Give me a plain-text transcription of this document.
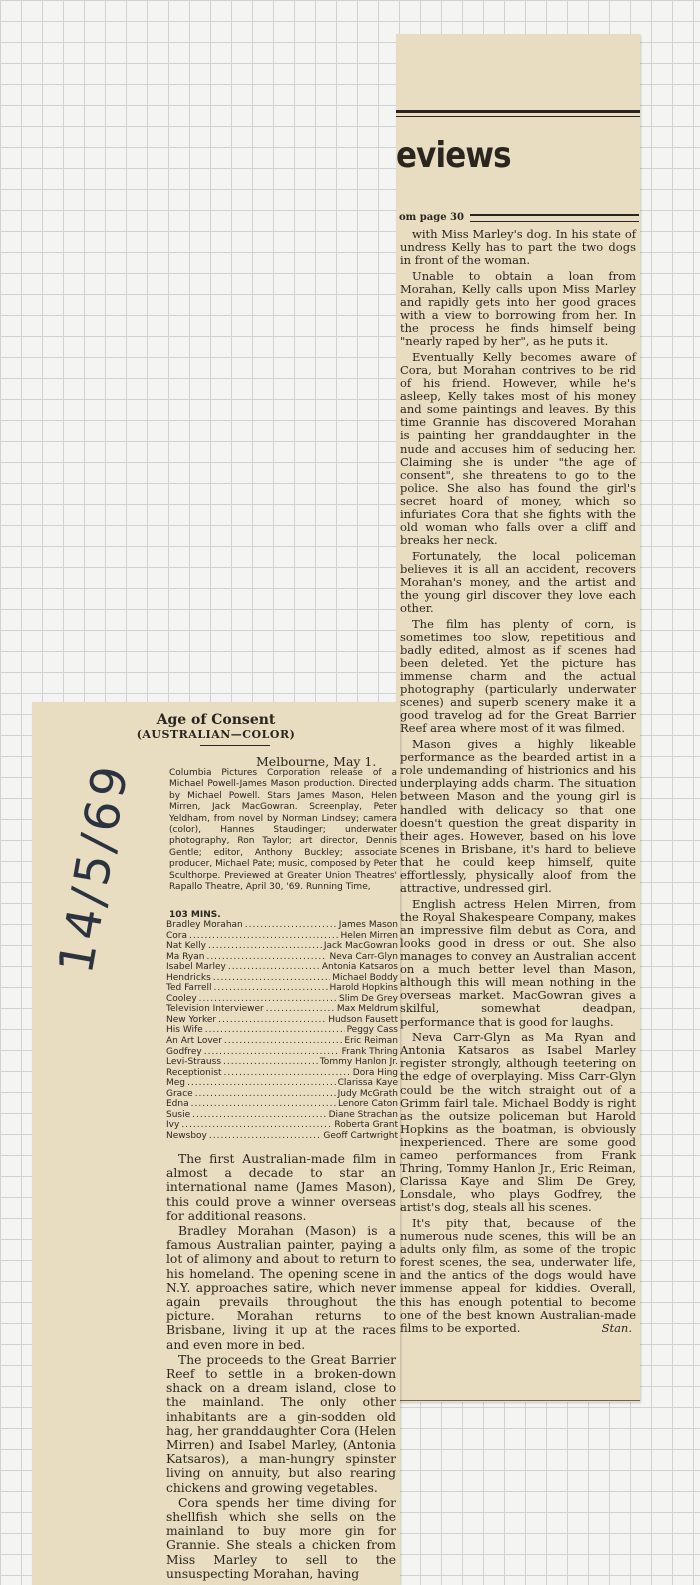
eviews
om page 30

with Miss Marley's dog. In his state of undress Kelly has to part the two dogs in front of the woman.

Unable to obtain a loan from Morahan, Kelly calls upon Miss Marley and rapidly gets into her good graces with a view to borrowing from her. In the process he finds himself being "nearly raped by her", as he puts it.

Eventually Kelly becomes aware of Cora, but Morahan contrives to be rid of his friend. However, while he's asleep, Kelly takes most of his money and some paintings and leaves. By this time Grannie has discovered Morahan is painting her granddaughter in the nude and accuses him of seducing her. Claiming she is under "the age of consent", she threatens to go to the police. She also has found the girl's secret hoard of money, which so infuriates Cora that she fights with the old woman who falls over a cliff and breaks her neck.

Fortunately, the local policeman believes it is all an accident, recovers Morahan's money, and the artist and the young girl discover they love each other.

The film has plenty of corn, is sometimes too slow, repetitious and badly edited, almost as if scenes had been deleted. Yet the picture has immense charm and the actual photography (particularly underwater scenes) and superb scenery make it a good travelog ad for the Great Barrier Reef area where most of it was filmed.

Mason gives a highly likeable performance as the bearded artist in a role undemanding of histrionics and his underplaying adds charm. The situation between Mason and the young girl is handled with delicacy so that one doesn't question the great disparity in their ages. However, based on his love scenes in Brisbane, it's hard to believe that he could keep himself, quite effortlessly, physically aloof from the attractive, undressed girl.

English actress Helen Mirren, from the Royal Shakespeare Company, makes an impressive film debut as Cora, and looks good in dress or out. She also manages to convey an Australian accent on a much better level than Mason, although this will mean nothing in the overseas market. MacGowran gives a skilful, somewhat deadpan, performance that is good for laughs.

Neva Carr-Glyn as Ma Ryan and Antonia Katsaros as Isabel Marley register strongly, although teetering on the edge of overplaying. Miss Carr-Glyn could be the witch straight out of a Grimm fairl tale. Michael Boddy is right as the outsize policeman but Harold Hopkins as the boatman, is obviously inexperienced. There are some good cameo performances from Frank Thring, Tommy Hanlon Jr., Eric Reiman, Clarissa Kaye and Slim De Grey, Lonsdale, who plays Godfrey, the artist's dog, steals all his scenes.

It's pity that, because of the numerous nude scenes, this will be an adults only film, as some of the tropic forest scenes, the sea, underwater life, and the antics of the dogs would have immense appeal for kiddies. Overall, this has enough potential to become one of the best known Australian-made films to be exported.	Stan.

Age of Consent
(AUSTRALIAN—COLOR)
Melbourne, May 1.

Columbia Pictures Corporation release of a Michael Powell-James Mason production. Directed by Michael Powell. Stars James Mason, Helen Mirren, Jack MacGowran. Screenplay, Peter Yeldham, from novel by Norman Lindsey; camera (color), Hannes Staudinger; underwater photography, Ron Taylor; art director, Dennis Gentle; editor, Anthony Buckley; associate producer, Michael Pate; music, composed by Peter Sculthorpe. Previewed at Greater Union Theatres' Rapallo Theatre, April 30, '69. Running Time,

103 MINS.
Bradley Morahan .....	James Mason
Cora .....	Helen Mirren
Nat Kelly .....	Jack MacGowran
Ma Ryan .....	Neva Carr-Glyn
Isabel Marley .....	Antonia Katsaros
Hendricks .....	Michael Boddy
Ted Farrell .....	Harold Hopkins
Cooley .....	Slim De Grey
Television Interviewer .....	Max Meldrum
New Yorker .....	Hudson Fausett
His Wife .....	Peggy Cass
An Art Lover .....	Eric Reiman
Godfrey .....	Frank Thring
Levi-Strauss .....	Tommy Hanlon Jr.
Receptionist .....	Dora Hing
Meg .....	Clarissa Kaye
Grace .....	Judy McGrath
Edna .....	Lenore Caton
Susie .....	Diane Strachan
Ivy .....	Roberta Grant
Newsboy .....	Geoff Cartwright

The first Australian-made film in almost a decade to star an international name (James Mason), this could prove a winner overseas for additional reasons.

Bradley Morahan (Mason) is a famous Australian painter, paying a lot of alimony and about to return to his homeland. The opening scene in N.Y. approaches satire, which never again prevails throughout the picture. Morahan returns to Brisbane, living it up at the races and even more in bed.

The proceeds to the Great Barrier Reef to settle in a broken-down shack on a dream island, close to the mainland. The only other inhabitants are a gin-sodden old hag, her granddaughter Cora (Helen Mirren) and Isabel Marley, (Antonia Katsaros), a man-hungry spinster living on annuity, but also rearing chickens and growing vegetables.

Cora spends her time diving for shellfish which she sells on the mainland to buy more gin for Grannie. She steals a chicken from Miss Marley to sell to the unsuspecting Morahan, having

14/5/69
